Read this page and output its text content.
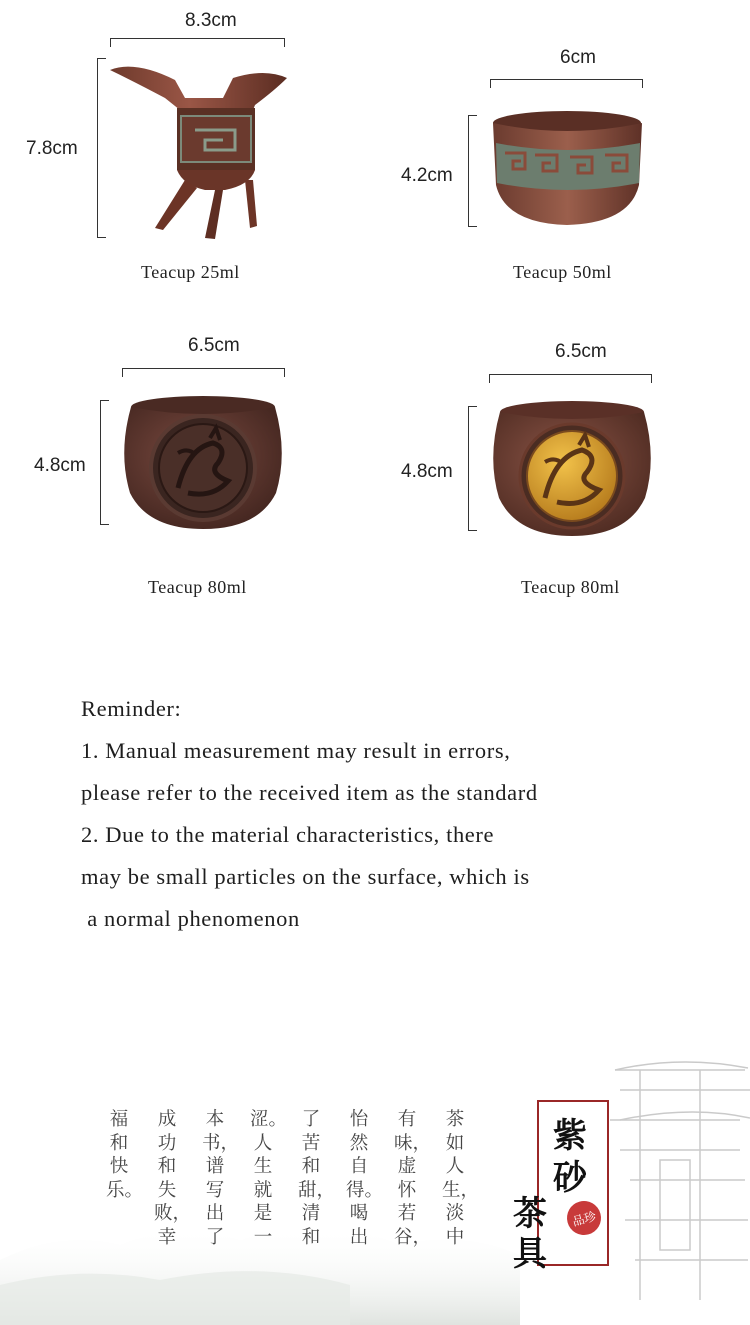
8.3cm
7.8cm
Teacup 25ml
6cm
4.2cm
Teacup 50ml
6.5cm
4.8cm
Teacup 80ml
6.5cm
4.8cm
Teacup 80ml
Reminder:
1. Manual measurement may result in errors,
please refer to the received item as the standard
2. Due to the material characteristics, there
may be small particles on the surface, which is
a normal phenomenon
茶如人生，淡中
有味，虚怀若谷，
怡然自得。喝出
了苦和甜，清和
涩。人生就是一
本书，谱写出了
成功和失败，幸
福和快乐。
紫
砂
茶
具
品珍
